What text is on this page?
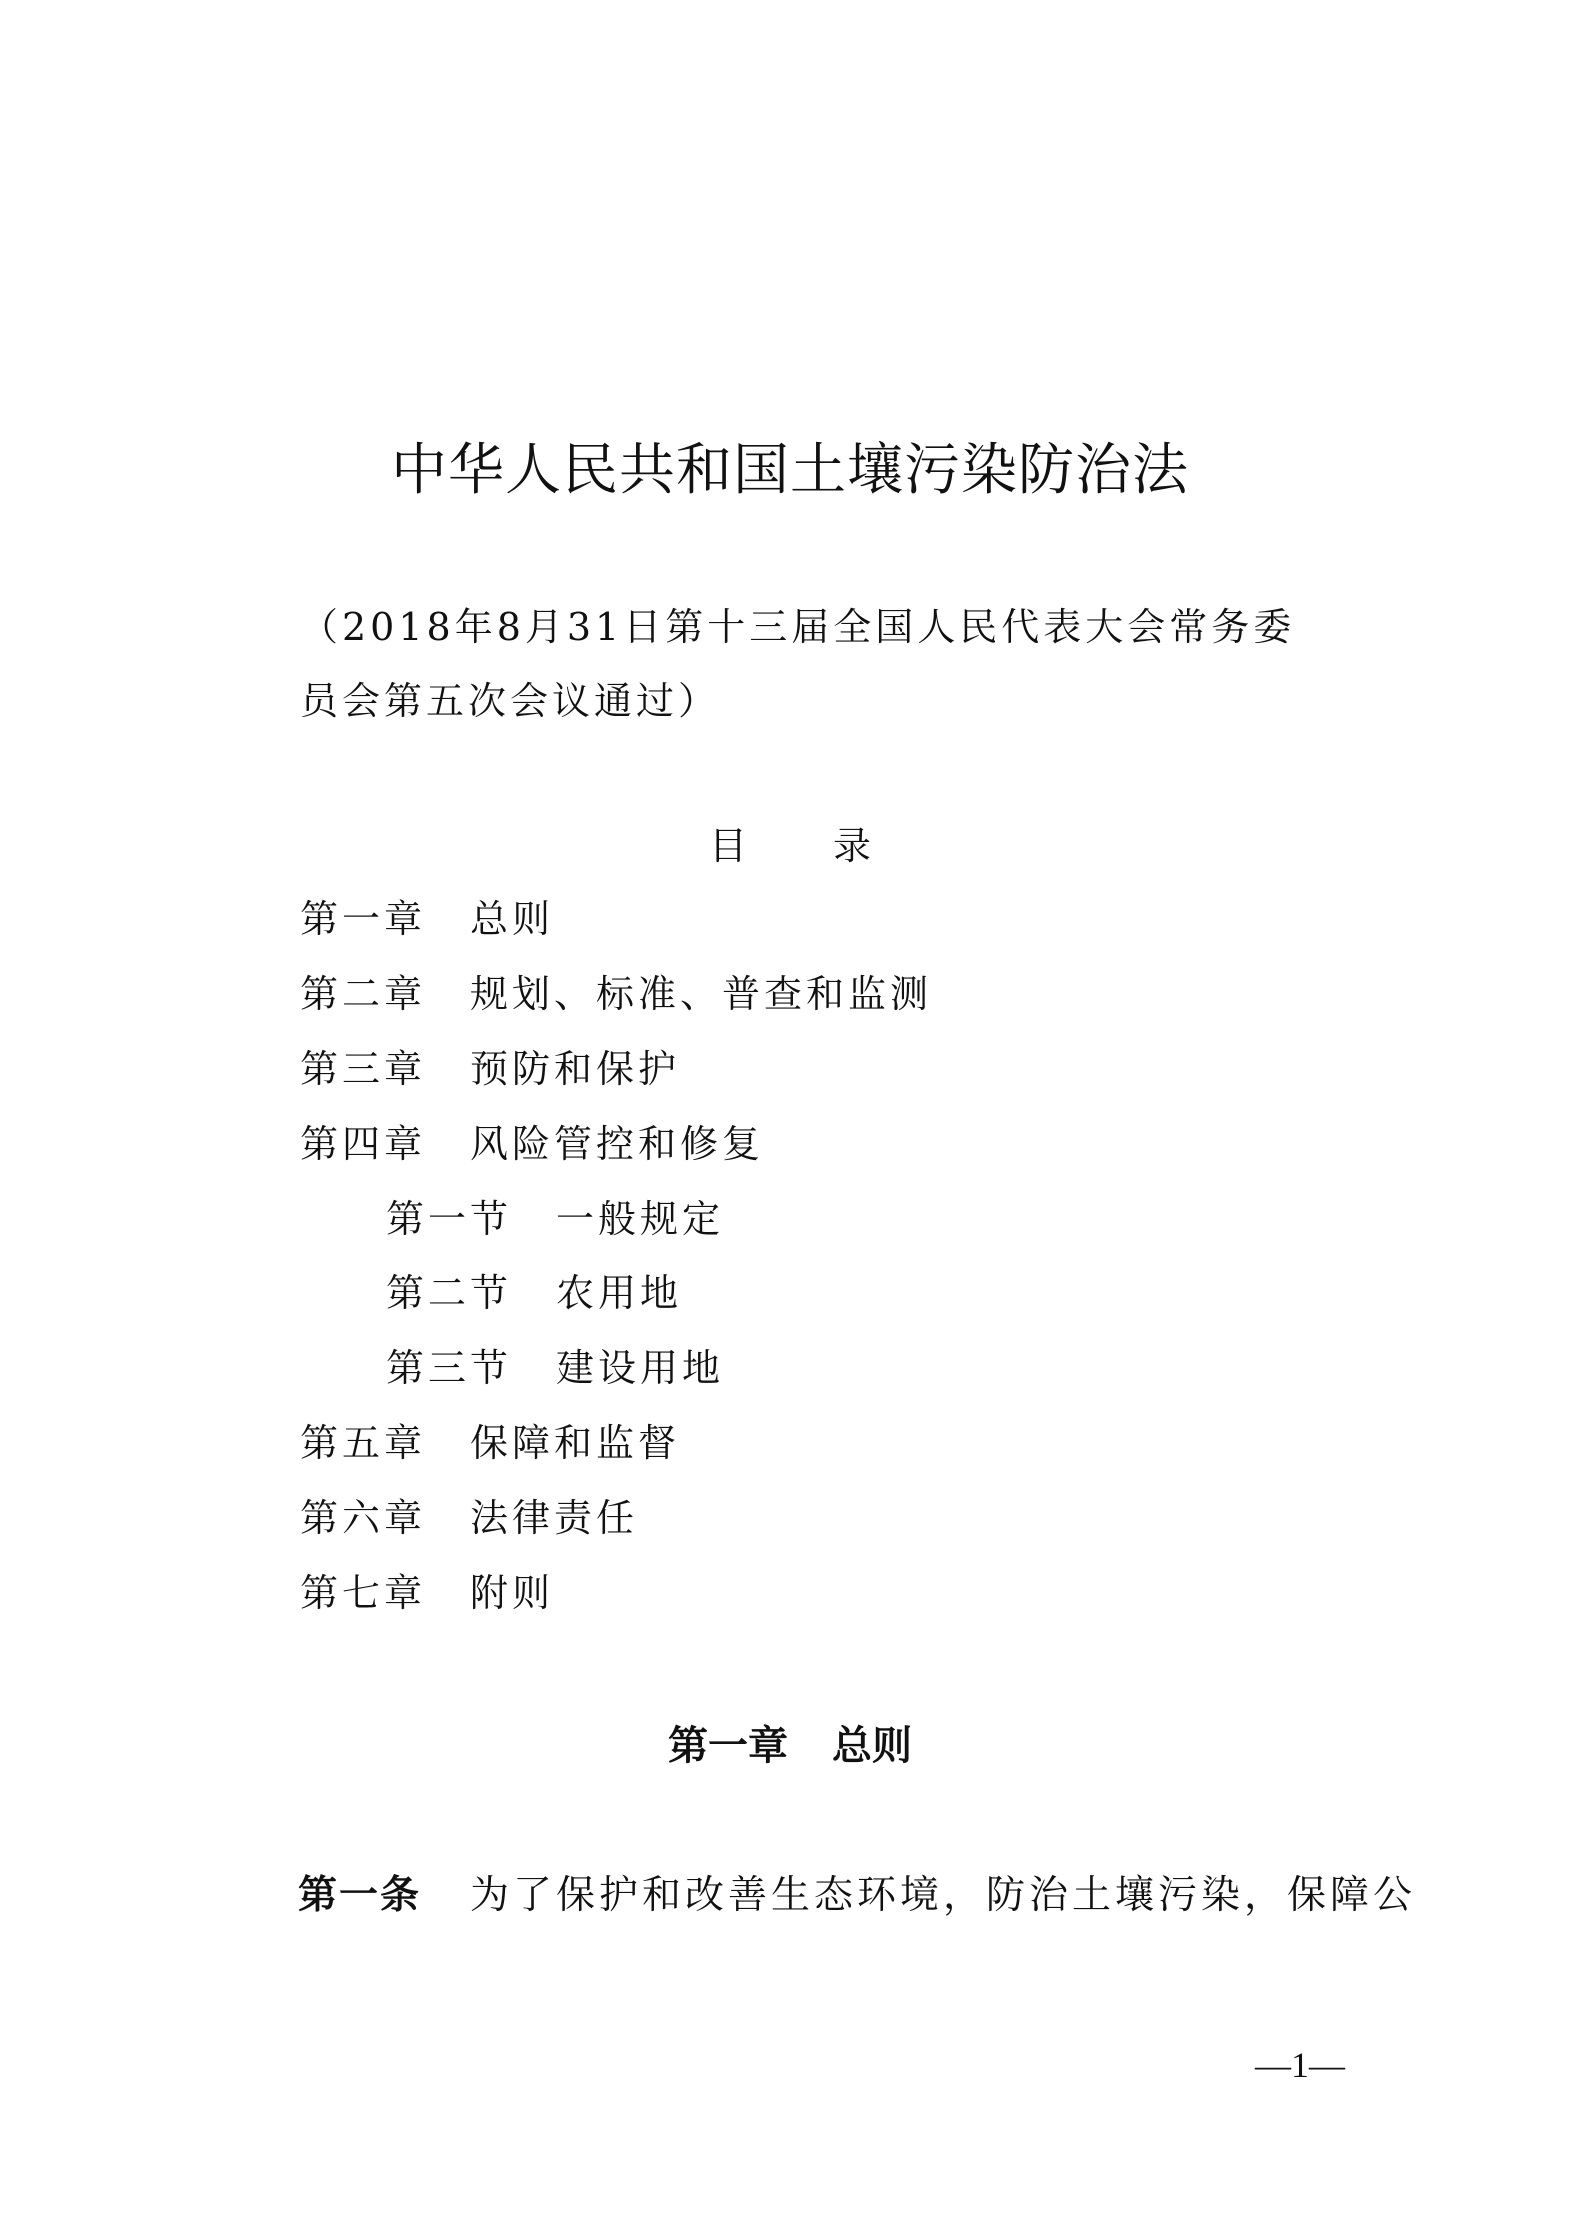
中华人民共和国土壤污染防治法
（2018年8月31日第十三届全国人民代表大会常务委员会第五次会议通过）
目 录
第一章 总则
第二章 规划、标准、普查和监测
第三章 预防和保护
第四章 风险管控和修复
第一节 一般规定
第二节 农用地
第三节 建设用地
第五章 保障和监督
第六章 法律责任
第七章 附则
第一章 总则
第一条 为了保护和改善生态环境，防治土壤污染，保障公
—1—
